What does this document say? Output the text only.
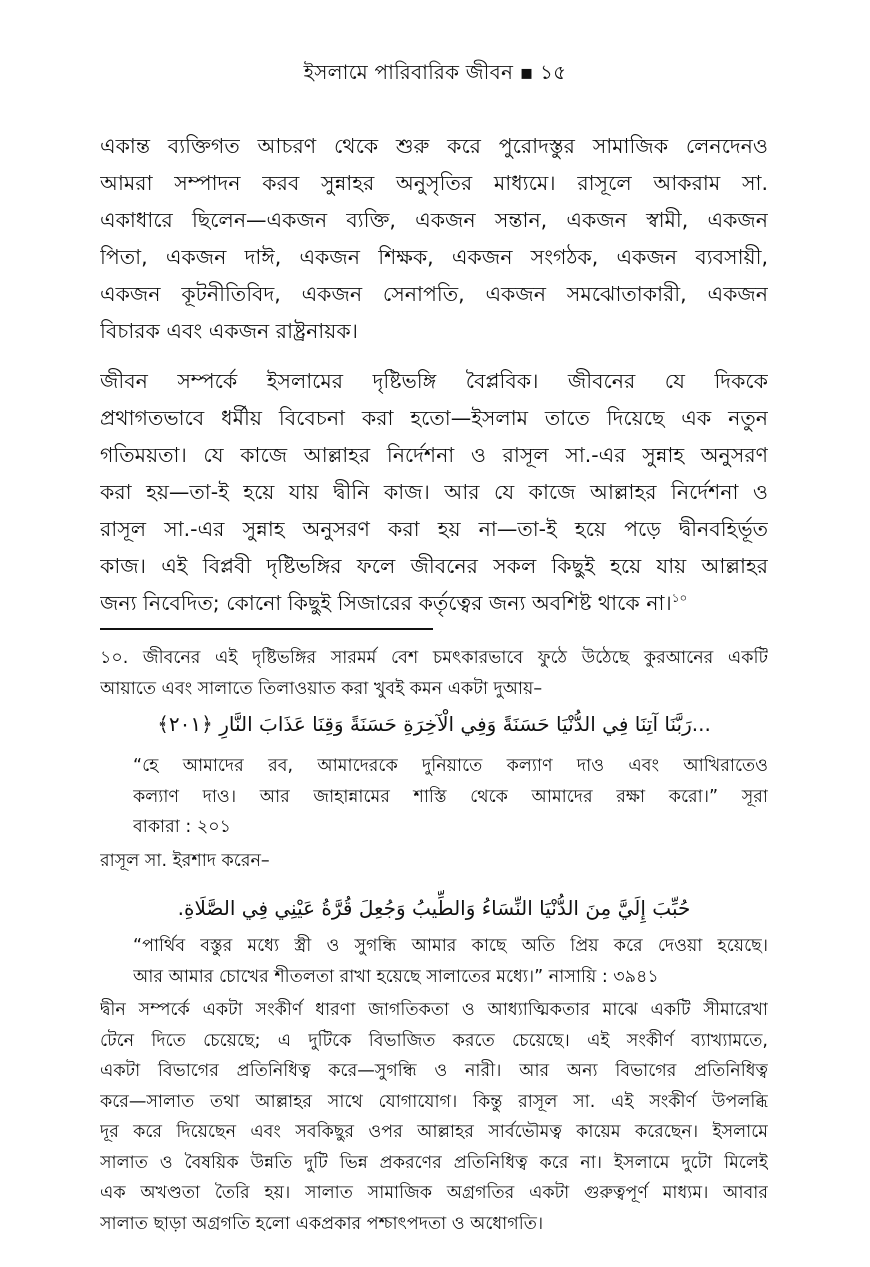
ইসলামে পারিবারিক জীবন ▪ ১৫
একান্ত ব্যক্তিগত আচরণ থেকে শুরু করে পুরোদস্তুর সামাজিক লেনদেনও
আমরা সম্পাদন করব সুন্নাহর অনুসৃতির মাধ্যমে। রাসূলে আকরাম সা.
একাধারে ছিলেন—একজন ব্যক্তি, একজন সন্তান, একজন স্বামী, একজন
পিতা, একজন দাঈ, একজন শিক্ষক, একজন সংগঠক, একজন ব্যবসায়ী,
একজন কূটনীতিবিদ, একজন সেনাপতি, একজন সমঝোতাকারী, একজন
বিচারক এবং একজন রাষ্ট্রনায়ক।
জীবন সম্পর্কে ইসলামের দৃষ্টিভঙ্গি বৈপ্লবিক। জীবনের যে দিককে
প্রথাগতভাবে ধর্মীয় বিবেচনা করা হতো—ইসলাম তাতে দিয়েছে এক নতুন
গতিময়তা। যে কাজে আল্লাহর নির্দেশনা ও রাসূল সা.-এর সুন্নাহ অনুসরণ
করা হয়—তা-ই হয়ে যায় দ্বীনি কাজ। আর যে কাজে আল্লাহর নির্দেশনা ও
রাসূল সা.-এর সুন্নাহ অনুসরণ করা হয় না—তা-ই হয়ে পড়ে দ্বীনবহির্ভূত
কাজ। এই বিপ্লবী দৃষ্টিভঙ্গির ফলে জীবনের সকল কিছুই হয়ে যায় আল্লাহর
জন্য নিবেদিত; কোনো কিছুই সিজারের কর্তৃত্বের জন্য অবশিষ্ট থাকে না।$^{১০}$
১০. জীবনের এই দৃষ্টিভঙ্গির সারমর্ম বেশ চমৎকারভাবে ফুঠে উঠেছে কুরআনের একটি
আয়াতে এবং সালাতে তিলাওয়াত করা খুবই কমন একটা দুআয়–
...رَبَّنَا آتِنَا فِي الدُّنْيَا حَسَنَةً وَفِي الْآخِرَةِ حَسَنَةً وَقِنَا عَذَابَ النَّارِ ﴿٢٠١﴾
“হে আমাদের রব, আমাদেরকে দুনিয়াতে কল্যাণ দাও এবং আখিরাতেও
কল্যাণ দাও। আর জাহান্নামের শাস্তি থেকে আমাদের রক্ষা করো।” সূরা
বাকারা : ২০১
রাসূল সা. ইরশাদ করেন–
حُبِّبَ إِلَيَّ مِنَ الدُّنْيَا النِّسَاءُ وَالطِّيبُ وَجُعِلَ قُرَّةُ عَيْنِي فِي الصَّلَاةِ.
“পার্থিব বস্তুর মধ্যে স্ত্রী ও সুগন্ধি আমার কাছে অতি প্রিয় করে দেওয়া হয়েছে।
আর আমার চোখের শীতলতা রাখা হয়েছে সালাতের মধ্যে।” নাসায়ি : ৩৯৪১
দ্বীন সম্পর্কে একটা সংকীর্ণ ধারণা জাগতিকতা ও আধ্যাত্মিকতার মাঝে একটি সীমারেখা
টেনে দিতে চেয়েছে; এ দুটিকে বিভাজিত করতে চেয়েছে। এই সংকীর্ণ ব্যাখ্যামতে,
একটা বিভাগের প্রতিনিধিত্ব করে—সুগন্ধি ও নারী। আর অন্য বিভাগের প্রতিনিধিত্ব
করে—সালাত তথা আল্লাহর সাথে যোগাযোগ। কিন্তু রাসূল সা. এই সংকীর্ণ উপলব্ধি
দূর করে দিয়েছেন এবং সবকিছুর ওপর আল্লাহর সার্বভৌমত্ব কায়েম করেছেন। ইসলামে
সালাত ও বৈষয়িক উন্নতি দুটি ভিন্ন প্রকরণের প্রতিনিধিত্ব করে না। ইসলামে দুটো মিলেই
এক অখণ্ডতা তৈরি হয়। সালাত সামাজিক অগ্রগতির একটা গুরুত্বপূর্ণ মাধ্যম। আবার
সালাত ছাড়া অগ্রগতি হলো একপ্রকার পশ্চাৎপদতা ও অধোগতি।
